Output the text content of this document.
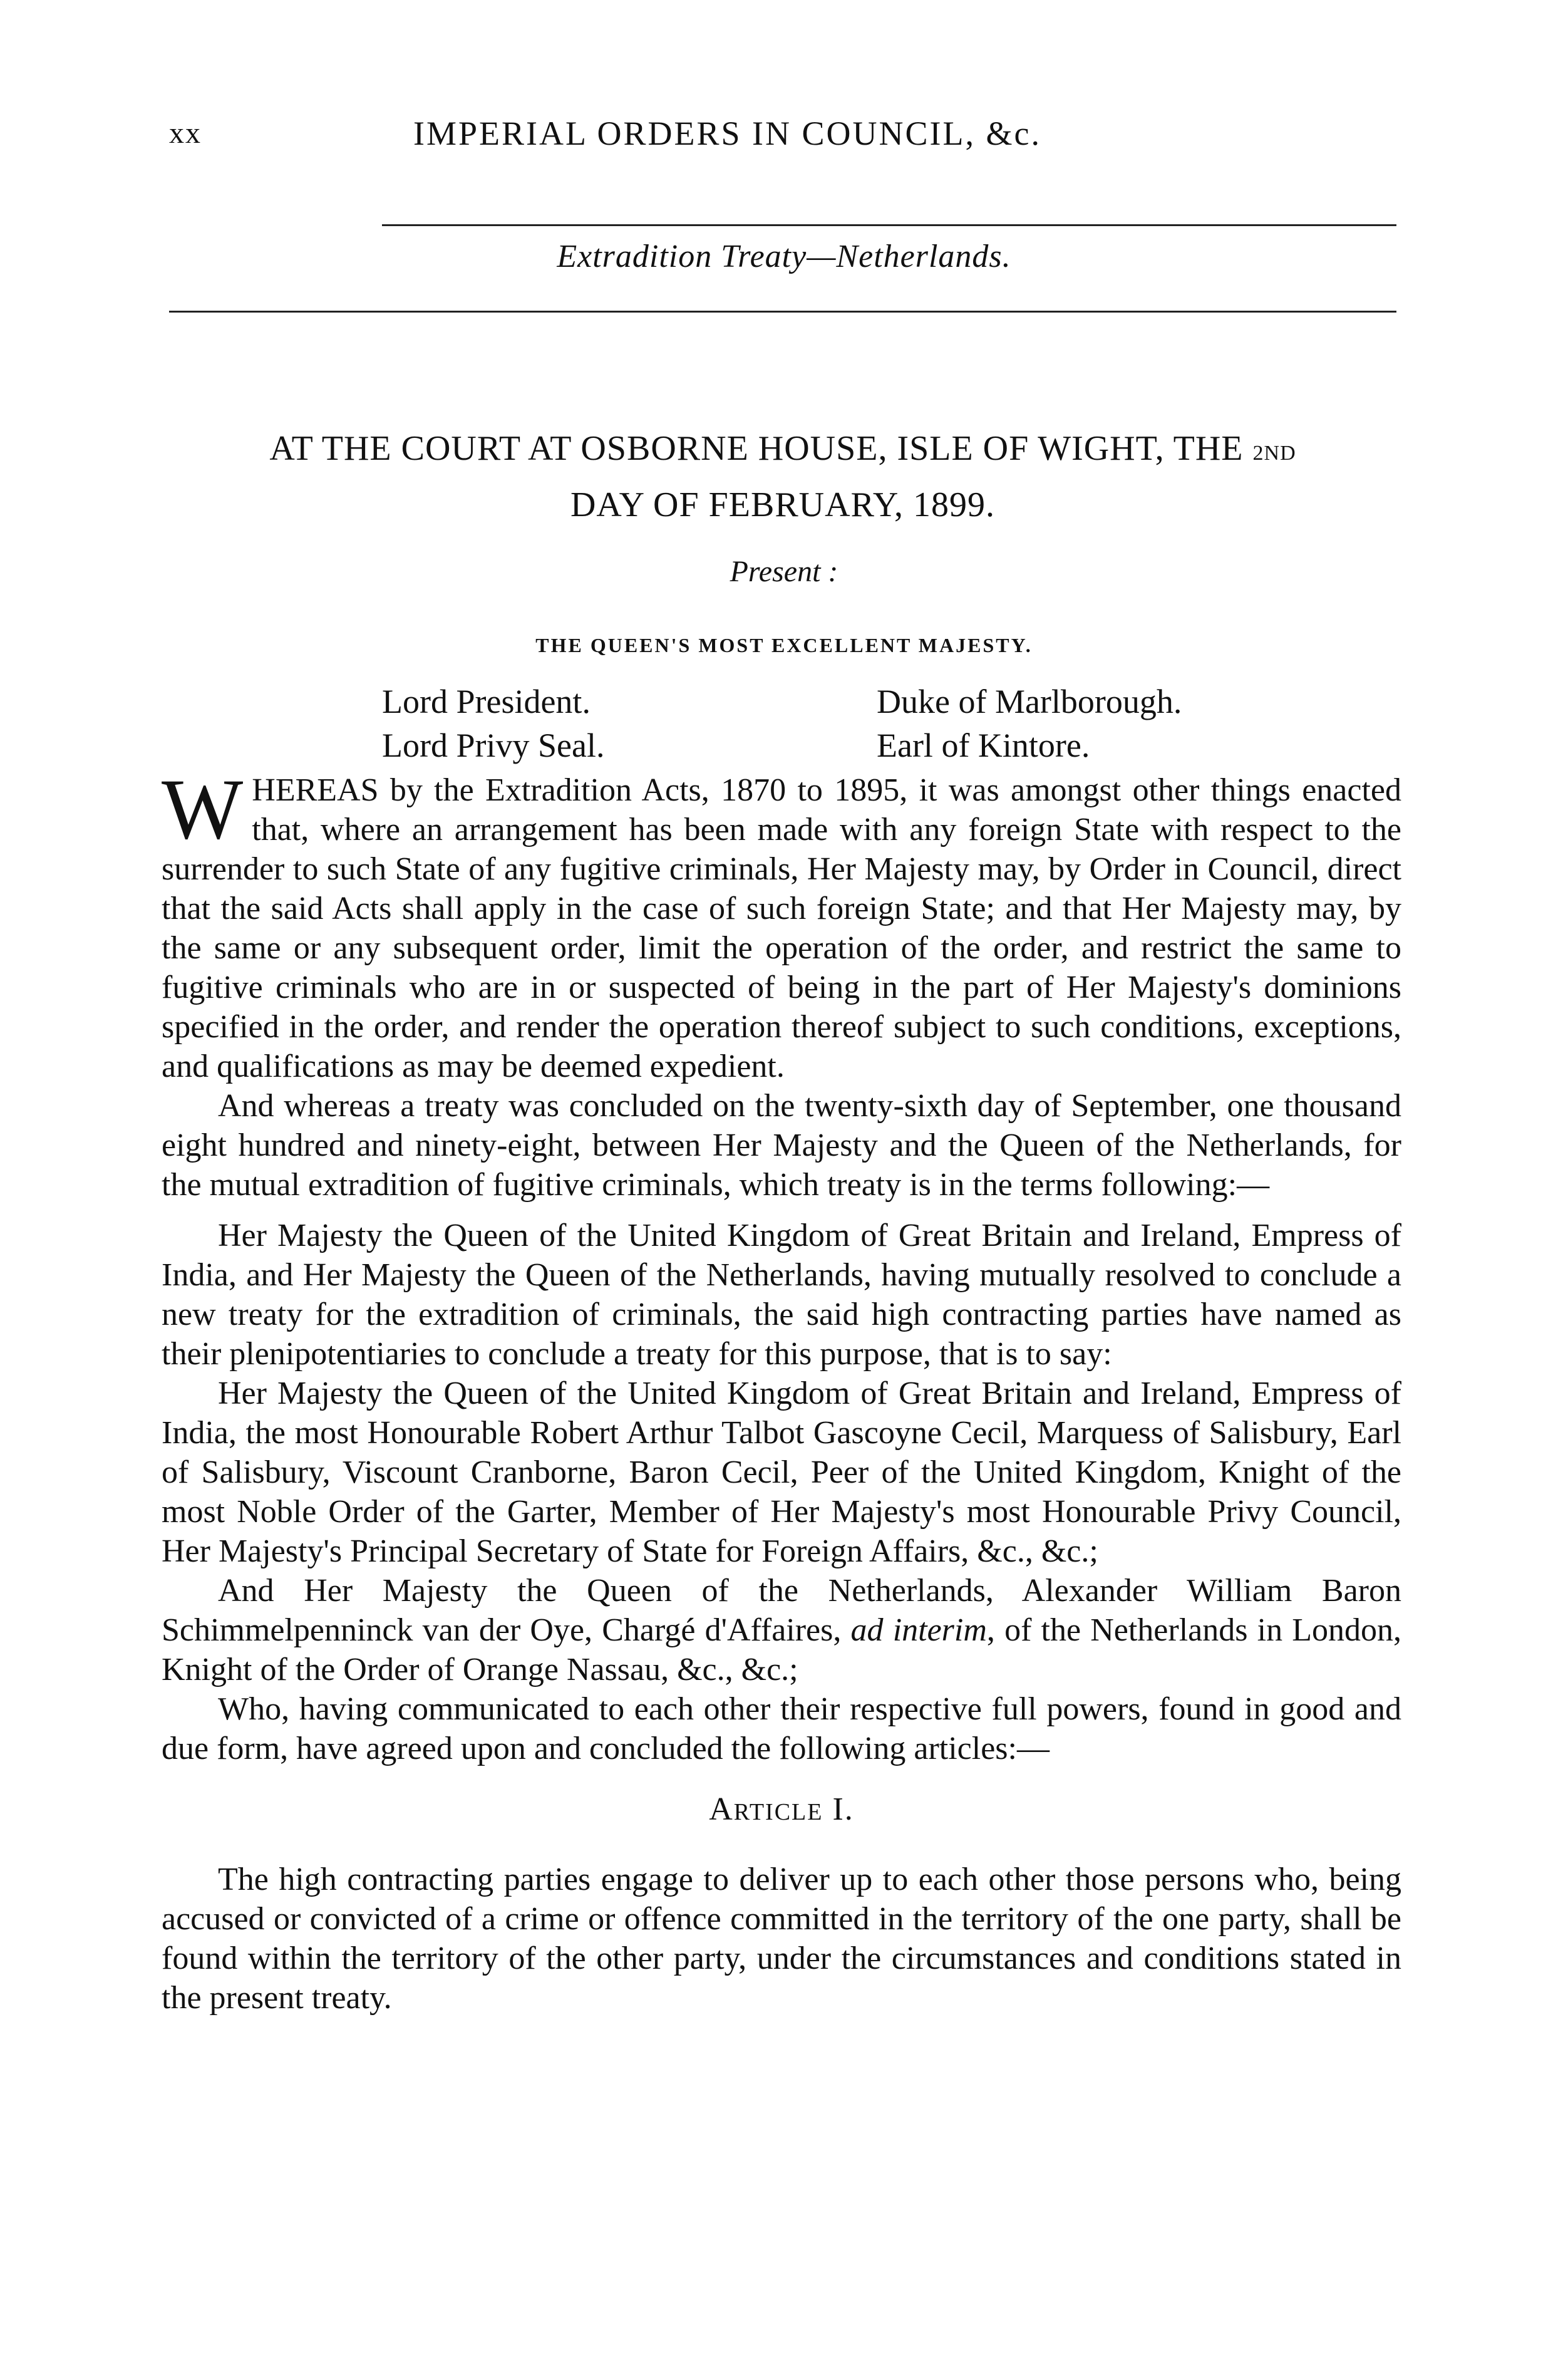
xx	IMPERIAL ORDERS IN COUNCIL, &c.
Extradition Treaty—Netherlands.
AT THE COURT AT OSBORNE HOUSE, ISLE OF WIGHT, THE 2ND
DAY OF FEBRUARY, 1899.
Present :
THE QUEEN'S MOST EXCELLENT MAJESTY.
Lord President.
Lord Privy Seal.
Duke of Marlborough.
Earl of Kintore.

WHEREAS by the Extradition Acts, 1870 to 1895, it was amongst other things enacted that, where an arrangement has been made with any foreign State with respect to the surrender to such State of any fugitive criminals, Her Majesty may, by Order in Council, direct that the said Acts shall apply in the case of such foreign State; and that Her Majesty may, by the same or any subsequent order, limit the operation of the order, and restrict the same to fugitive criminals who are in or suspected of being in the part of Her Majesty's dominions specified in the order, and render the operation thereof subject to such conditions, exceptions, and qualifications as may be deemed expedient.

And whereas a treaty was concluded on the twenty-sixth day of September, one thousand eight hundred and ninety-eight, between Her Majesty and the Queen of the Netherlands, for the mutual extradition of fugitive criminals, which treaty is in the terms following:—

Her Majesty the Queen of the United Kingdom of Great Britain and Ireland, Empress of India, and Her Majesty the Queen of the Netherlands, having mutually resolved to conclude a new treaty for the extradition of criminals, the said high contracting parties have named as their plenipotentiaries to conclude a treaty for this purpose, that is to say:

Her Majesty the Queen of the United Kingdom of Great Britain and Ireland, Empress of India, the most Honourable Robert Arthur Talbot Gascoyne Cecil, Marquess of Salisbury, Earl of Salisbury, Viscount Cranborne, Baron Cecil, Peer of the United Kingdom, Knight of the most Noble Order of the Garter, Member of Her Majesty's most Honourable Privy Council, Her Majesty's Principal Secretary of State for Foreign Affairs, &c., &c.;

And Her Majesty the Queen of the Netherlands, Alexander William Baron Schimmelpenninck van der Oye, Chargé d'Affaires, ad interim, of the Netherlands in London, Knight of the Order of Orange Nassau, &c., &c.;

Who, having communicated to each other their respective full powers, found in good and due form, have agreed upon and concluded the following articles:—

ARTICLE I.

The high contracting parties engage to deliver up to each other those persons who, being accused or convicted of a crime or offence committed in the territory of the one party, shall be found within the territory of the other party, under the circumstances and conditions stated in the present treaty.
